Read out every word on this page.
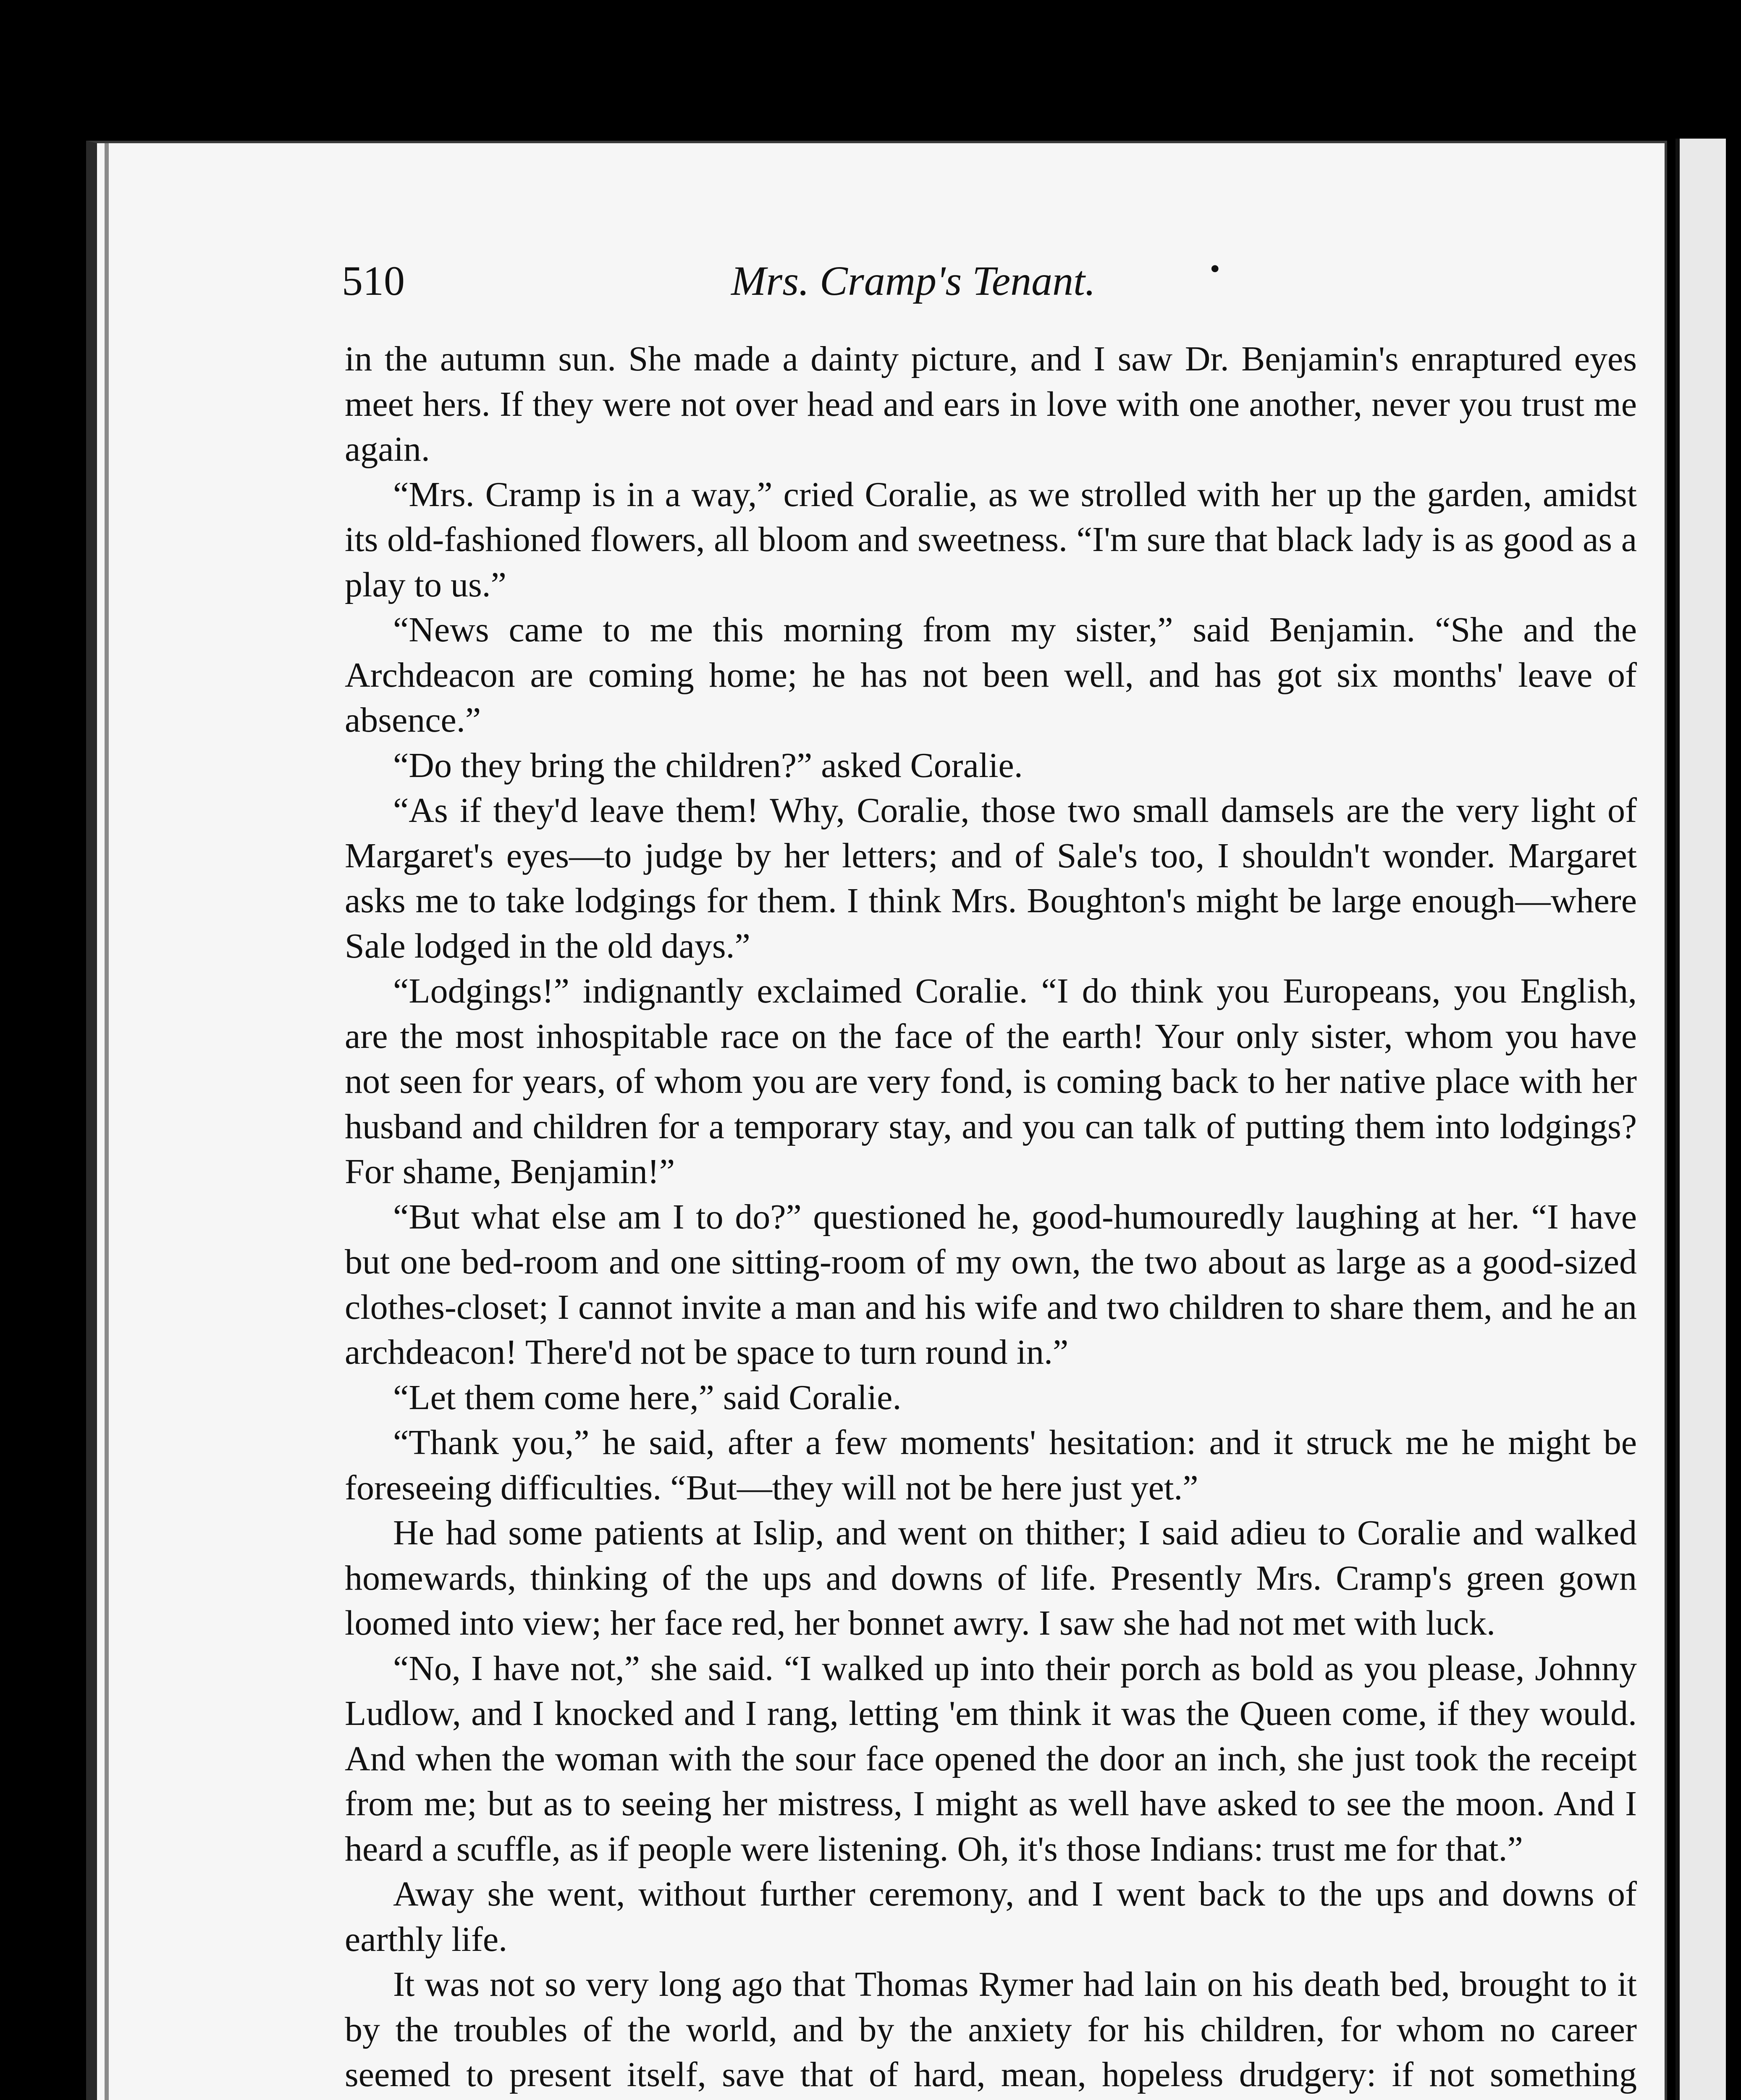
510	Mrs. Cramp's Tenant.	•

in the autumn sun. She made a dainty picture, and I saw Dr. Benjamin's enraptured eyes meet hers. If they were not over head and ears in love with one another, never you trust me again.

“Mrs. Cramp is in a way,” cried Coralie, as we strolled with her up the garden, amidst its old-fashioned flowers, all bloom and sweetness. “I'm sure that black lady is as good as a play to us.”

“News came to me this morning from my sister,” said Benjamin. “She and the Archdeacon are coming home; he has not been well, and has got six months' leave of absence.”

“Do they bring the children?” asked Coralie.

“As if they'd leave them! Why, Coralie, those two small damsels are the very light of Margaret's eyes—to judge by her letters; and of Sale's too, I shouldn't wonder. Margaret asks me to take lodgings for them. I think Mrs. Boughton's might be large enough—where Sale lodged in the old days.”

“Lodgings!” indignantly exclaimed Coralie. “I do think you Europeans, you English, are the most inhospitable race on the face of the earth! Your only sister, whom you have not seen for years, of whom you are very fond, is coming back to her native place with her husband and children for a temporary stay, and you can talk of putting them into lodgings? For shame, Benjamin!”

“But what else am I to do?” questioned he, good-humouredly laughing at her. “I have but one bed-room and one sitting-room of my own, the two about as large as a good-sized clothes-closet; I cannot invite a man and his wife and two children to share them, and he an archdeacon! There'd not be space to turn round in.”

“Let them come here,” said Coralie.

“Thank you,” he said, after a few moments' hesitation: and it struck me he might be foreseeing difficulties. “But—they will not be here just yet.”

He had some patients at Islip, and went on thither; I said adieu to Coralie and walked homewards, thinking of the ups and downs of life. Presently Mrs. Cramp's green gown loomed into view; her face red, her bonnet awry. I saw she had not met with luck.

“No, I have not,” she said. “I walked up into their porch as bold as you please, Johnny Ludlow, and I knocked and I rang, letting 'em think it was the Queen come, if they would. And when the woman with the sour face opened the door an inch, she just took the receipt from me; but as to seeing her mistress, I might as well have asked to see the moon. And I heard a scuffle, as if people were listening. Oh, it's those Indians: trust me for that.”

Away she went, without further ceremony, and I went back to the ups and downs of earthly life.

It was not so very long ago that Thomas Rymer had lain on his death bed, brought to it by the troubles of the world, and by the anxiety for his children, for whom no career seemed to present itself, save that of hard, mean, hopeless drudgery: if not something
